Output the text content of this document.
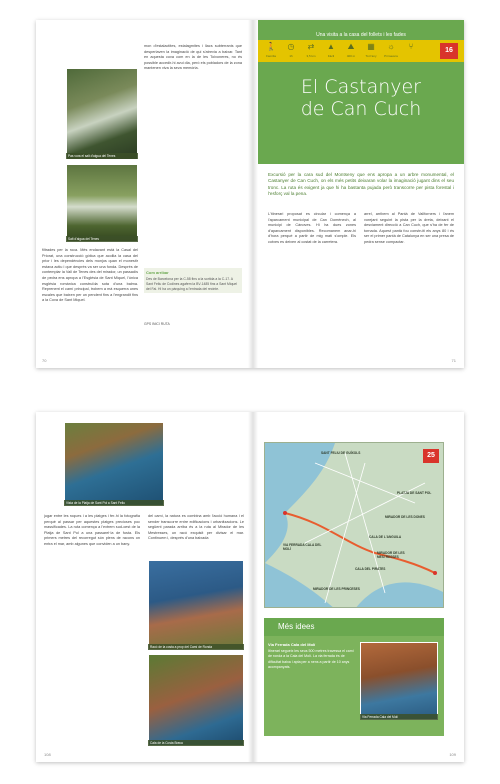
Pas vora el salt d'aigua del Tenes
Salt d'aigua del Tenes
mon d'estalactites, estalagmites i llacs subterranis que desperlaven la imaginació de qui s'atrevia a baixar. Tant en aquesta cova com en la de les Toixoneres, no és possible accedir-hi avui dia, però els pobladors de la zona mantenen viva la seva memòria.
filtrades per la roca. Més endavant està la Casal del Priorat, una construcció gòtica que acollia la casa del prior i les dependències dels monjos quan el monestir estava actiu i que després va ser una fonda. Després de contemplar la Vall de Tenes des del mirador, un passadís de pedra ens apropa a l'Església de Sant Miquel, l'única església romànica construïda sota d'una balma. Reprenent el camí principal, trobem a mà esquerra unes escales que baixen per un pendent fins a l'engrandit fins a la Cova de Sant Miquel.
Com arribar
Des de Barcelona per la C-58 fins a la sortida a la C-17. A Sant Feliu de Codines agafem la BV-1485 fins a Sant Miquel del Fai. Hi ha un pàrquing a l'entrada del recinte.
GPS INICI RUTA
70
Una visita a la casa del follets i les fades
🚶
Família
◷
1h
⇄
3,5 km
▲
Fàcil
⛰
400 m
▦
Tot l'any
☼
Primavera
⑂	16
El Castanyer
de Can Cuch
Excursió per la cara sud del Montseny que ens apropa a un arbre monumental, el Castanyer de Can Cuch, on els més petits deixaran volar la imaginació jugant dins el seu tronc. La ruta és exigent ja que hi ha bastanta pujada però transcorre per pista forestal i l'esforç val la pena.
L'itinerari proposat es circular i comença a l'aparcament municipal de Can Domènech, al municipi de Cànoves. Hi ha dues zones d'aparcament disponibles. Recomanem anar-hi d'hora perquè a partir de mig matí s'omple. Els cotxes es deixen al costat de la carretera.
arrel, arribem al Pantà de Vallforners i l'anem vorejant seguint la pista per la dreta, deixant el desviament direcció a Can Cuch, que s'ha de fer de tornada. Aquest pantà fou construït els anys 80 i és ser el primer pantà de Catalunya en ser una presa de pedra sense compactar.
71
Vista de la Platja de Sant Pol a Sant Feliu
jugar entre les roques i a les platges i fer-hi la fotografia perquè al passar per aquestes platges precioses poc massificades. La ruta comença a l'extrem sud-oest de la Platja de Sant Pol a una passarel·la de fusta. Els primers metres del recorregut són plens de racons on entra el mar, amb algunes que conviden a un bany.
del camí, la natura es combina amb l'acció humana i el sender transcorre entre edificacions i urbanitzacions. Le següent parada arriba és a la ruta al Mirador de les Mestresses, un racó exquisit per divisar el mar. Continuem i, després d'una baixada
Racó de la costa a prop del Camí de Ronda
Cala de la Costa Brava
108
25
SANT FELIU DE GUÍXOLS
PLATJA DE SANT POL
MIRADOR DE LES DONES
CALA DE L'ANGUILA
MIRADOR DE LES MESTRESSES
CALA DEL PIRATES
MIRADOR DE LES PRINCESES
VIA FERRADA CALA DEL MOLÍ
Més idees
Via Ferrada Cala del Molí
Itinerari segueix les seus 500 metres travessa el camí de ronda a la Cala del Molí. La via ferrada és de dificultat baixa i apta per a nens a partir de 10 anys acompanyats.
Via Ferrada Cala del Molí
109
